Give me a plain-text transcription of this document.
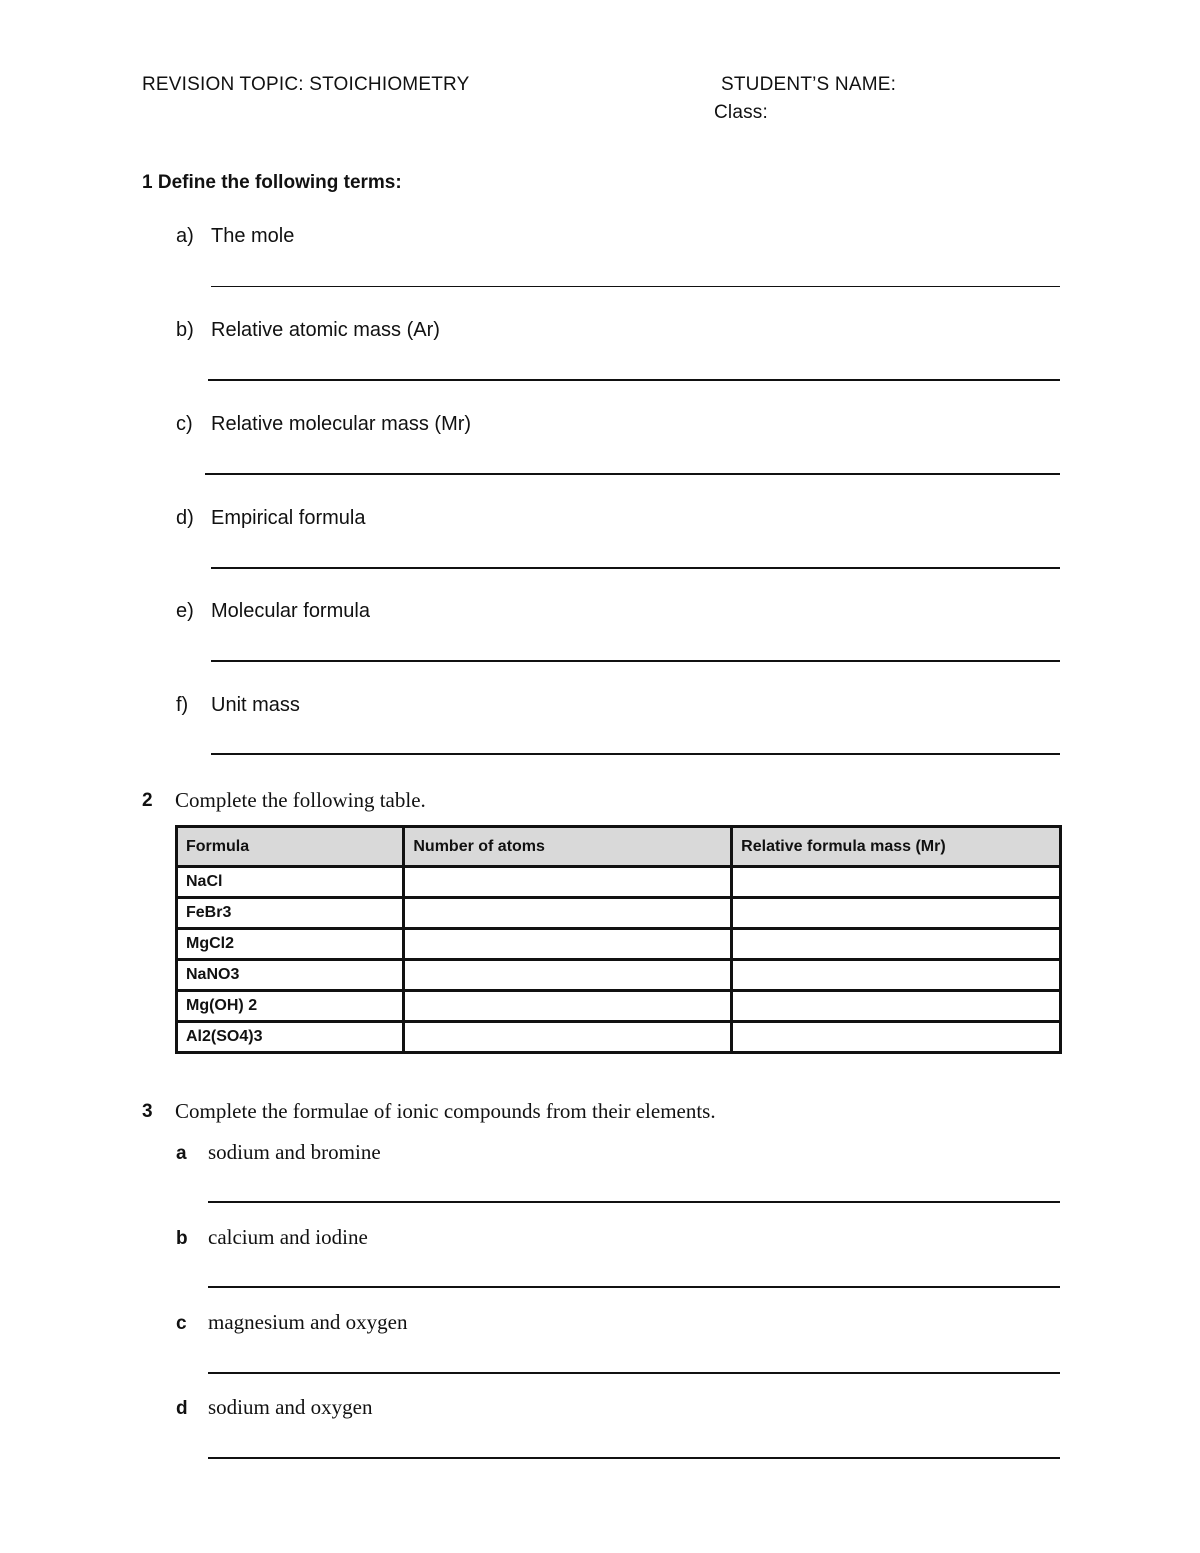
REVISION TOPIC: STOICHIOMETRY	STUDENT’S NAME:
Class:
1 Define the following terms:
a) The mole
b) Relative atomic mass (Ar)
c) Relative molecular mass (Mr)
d) Empirical formula
e) Molecular formula
f) Unit mass
2 Complete the following table.
Formula	Number of atoms	Relative formula mass (Mr)
NaCl		
FeBr3		
MgCl2		
NaNO3		
Mg(OH) 2		
Al2(SO4)3		
3 Complete the formulae of ionic compounds from their elements.
a sodium and bromine
b calcium and iodine
c magnesium and oxygen
d sodium and oxygen
